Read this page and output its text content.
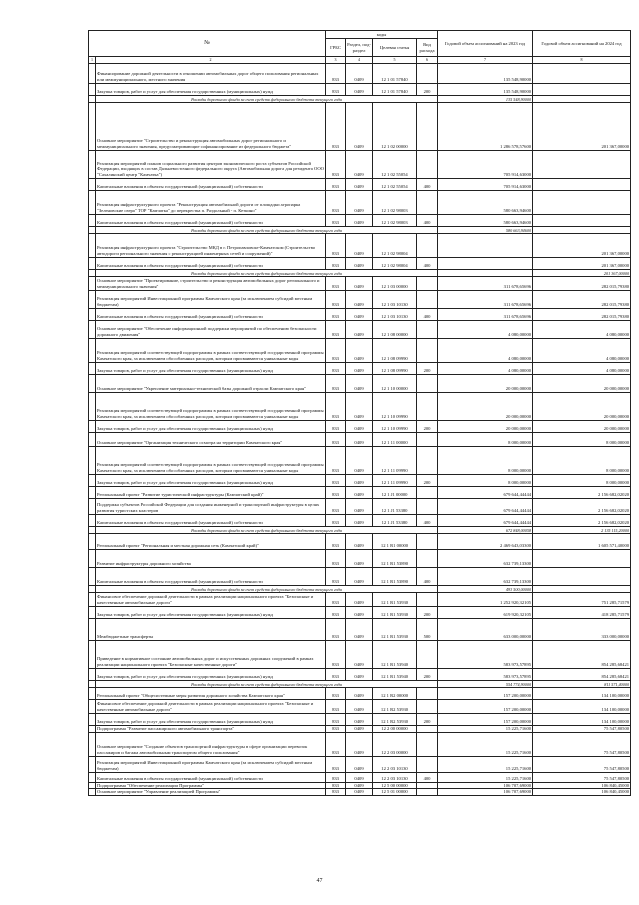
№		коды				Годовой объем ассигнований на 2023 год	Годовой объем ассигнований на 2024 год
		ГРБС	Раздел, под-раздел	Целевая статья	Вид расхода		
1	2	3	4	5	6	7	8
	Финансирование дорожной деятельности в отношении автомобильных дорог общего пользования региональных или межмуниципального, местного значения	833	0409	12 1 01 57840		135 548,90000	
	Закупка товаров, работ и услуг для обеспечения государственных (муниципальных) нужд	833	0409	12 1 01 57840	200	135 548,90000	
	Расходы дорожного фонда за счет средств федерального бюджета текущего года					135 548,90000	
	Основное мероприятие "Строительство и реконструкция автомобильных дорог регионального и межмуниципального значения, предусматривающие софинансирование из федерального бюджета"	833	0409	12 1 02 00000		1 286 578,57600	201 367,00000
	Реализация мероприятий планов социального развития центров экономического роста субъектов Российской Федерации, входящих в состав Дальневосточного федерального округа (Автомобильная дорога для резидента ООО "Сахалинский центр "Камчатка")	833	0409	12 1 02 55054		705 914,63000	
	Капитальные вложения в объекты государственной (муниципальной) собственности	833	0409	12 1 02 55054	400	705 914,63000	
	Реализация инфраструктурного проекта "Реконструкция автомобильной дороги от площадки агропарка "Зеленовские озера" ТОР "Камчатка" до перекрестка п. Раздольный - п. Кеткино"	833	0409	12 1 02 98003		580 663,94600	
	Капитальные вложения в объекты государственной (муниципальной) собственности	833	0409	12 1 02 98003	400	580 663,94600	
	Расходы дорожного фонда за счет средств федерального бюджета текущего года					580 663,94600	
	Реализация инфраструктурного проекта "Строительство МКД в г. Петропавловске-Камчатском (Строительство автодороги регионального значения с реконструкцией инженерных сетей и сооружений)"	833	0409	12 1 02 98004			201 367,00000
	Капитальные вложения в объекты государственной (муниципальной) собственности	833	0409	12 1 02 98004	400		201 367,00000
	Расходы дорожного фонда за счет средств федерального бюджета текущего года						201 367,00000
	Основное мероприятие "Проектирование, строительство и реконструкция автомобильных дорог регионального и межмуниципального значения"	833	0409	12 1 03 00000		311 678,65696	282 015,79380
	Реализация мероприятий Инвестиционной программы Камчатского края (за исключением субсидий местным бюджетам)	833	0409	12 1 03 10130		311 678,65696	282 015,79380
	Капитальные вложения в объекты государственной (муниципальной) собственности	833	0409	12 1 03 10130	400	311 678,65696	282 015,79380
	Основное мероприятие "Обеспечение информационной поддержки мероприятий по обеспечению безопасности дорожного движения"	833	0409	12 1 08 00000		4 080,00000	4 080,00000
	Реализация мероприятий соответствующей подпрограммы в рамках соответствующей государственной программы Камчатского края, за исключением обособленных расходов, которым присваиваются уникальные коды	833	0409	12 1 08 09990		4 080,00000	4 080,00000
	Закупка товаров, работ и услуг для обеспечения государственных (муниципальных) нужд	833	0409	12 1 08 09990	200	4 080,00000	4 080,00000
	Основное мероприятие "Укрепление материально-технической базы дорожной отрасли Камчатского края"	833	0409	12 1 10 00000		20 000,00000	20 000,00000
	Реализация мероприятий соответствующей подпрограммы в рамках соответствующей государственной программы Камчатского края, за исключением обособленных расходов, которым присваиваются уникальные коды	833	0409	12 1 10 09990		20 000,00000	20 000,00000
	Закупка товаров, работ и услуг для обеспечения государственных (муниципальных) нужд	833	0409	12 1 10 09990	200	20 000,00000	20 000,00000
	Основное мероприятие "Организация технического осмотра на территории Камчатского края"	833	0409	12 1 11 00000		8 000,00000	8 000,00000
	Реализация мероприятий соответствующей подпрограммы в рамках соответствующей государственной программы Камчатского края, за исключением обособленных расходов, которым присваиваются уникальные коды	833	0409	12 1 11 09990		8 000,00000	8 000,00000
	Закупка товаров, работ и услуг для обеспечения государственных (муниципальных) нужд	833	0409	12 1 11 09990	200	8 000,00000	8 000,00000
	Региональный проект "Развитие туристической инфраструктуры (Камчатский край)"	833	0409	12 1 J1 00000		679 644,44444	2 156 682,02020
	Поддержка субъектов Российской Федерации для создания инженерной и транспортной инфраструктуры в целях развития туристских кластеров	833	0409	12 1 J1 53380		679 644,44444	2 156 682,02020
	Капитальные вложения в объекты государственной (муниципальной) собственности	833	0409	12 1 J1 53380	400	679 644,44444	2 156 682,02020
	Расходы дорожного фонда за счет средств федерального бюджета текущего года					672 848,00058	2 135 115,20000
	Региональный проект "Региональная и местная дорожная сеть (Камчатский край)"	833	0409	12 1 R1 00000		2 469 643,03300	1 605 571,40000
	Развитие инфраструктуры дорожного хозяйства	833	0409	12 1 R1 53890		632 739,13300	
	Капитальные вложения в объекты государственной (муниципальной) собственности	833	0409	12 1 R1 53890	400	632 739,13300	
	Расходы дорожного фонда за счет средств федерального бюджета текущего года					493 500,00000	
	Финансовое обеспечение дорожной деятельности в рамках реализации национального проекта "Безопасные и качественные автомобильные дороги"	833	0409	12 1 R1 53930		1 252 920,32105	751 285,71579
	Закупка товаров, работ и услуг для обеспечения государственных (муниципальных) нужд	833	0409	12 1 R1 53930	200	619 920,32105	418 285,71579
	Межбюджетные трансферты	833	0409	12 1 R1 53930	500	633 000,00000	333 000,00000
	Приведение в нормативное состояние автомобильных дорог и искусственных дорожных сооружений в рамках реализации национального проекта "Безопасные качественные дороги"	833	0409	12 1 R1 53940		583 973,57895	854 285,68421
	Закупка товаров, работ и услуг для обеспечения государственных (муниципальных) нужд	833	0409	12 1 R1 53940	200	583 973,57895	854 285,68421
	Расходы дорожного фонда за счет средств федерального бюджета текущего года					554 774,90000	811 571,40000
	Региональный проект "Общесистемные меры развития дорожного хозяйства Камчатского края"	833	0409	12 1 R2 00000		157 200,00000	134 100,00000
	Финансовое обеспечение дорожной деятельности в рамках реализации национального проекта "Безопасные и качественные автомобильные дороги"	833	0409	12 1 R2 53930		157 200,00000	134 100,00000
	Закупка товаров, работ и услуг для обеспечения государственных (муниципальных) нужд	833	0409	12 1 R2 53930	200	157 200,00000	134 100,00000
	Подпрограмма "Развитие пассажирского автомобильного транспорта"	833	0409	12 2 00 00000		15 225,71600	75 547,80500
	Основное мероприятие "Создание объектов транспортной инфраструктуры в сфере организации перевозок пассажиров и багажа автомобильным транспортом общего пользования"	833	0409	12 2 03 00000		15 225,71600	75 547,80500
	Реализация мероприятий Инвестиционной программы Камчатского края (за исключением субсидий местным бюджетам)	833	0409	12 2 03 10130		15 225,71600	75 547,80500
	Капитальные вложения в объекты государственной (муниципальной) собственности	833	0409	12 2 03 10130	400	15 225,71600	75 547,80500
	Подпрограмма "Обеспечение реализации Программы"	833	0409	12 5 00 00000		106 707,69000	106 840,45000
	Основное мероприятие "Управление реализацией Программы"	833	0409	12 5 01 00000		106 707,69000	106 840,45000
47
